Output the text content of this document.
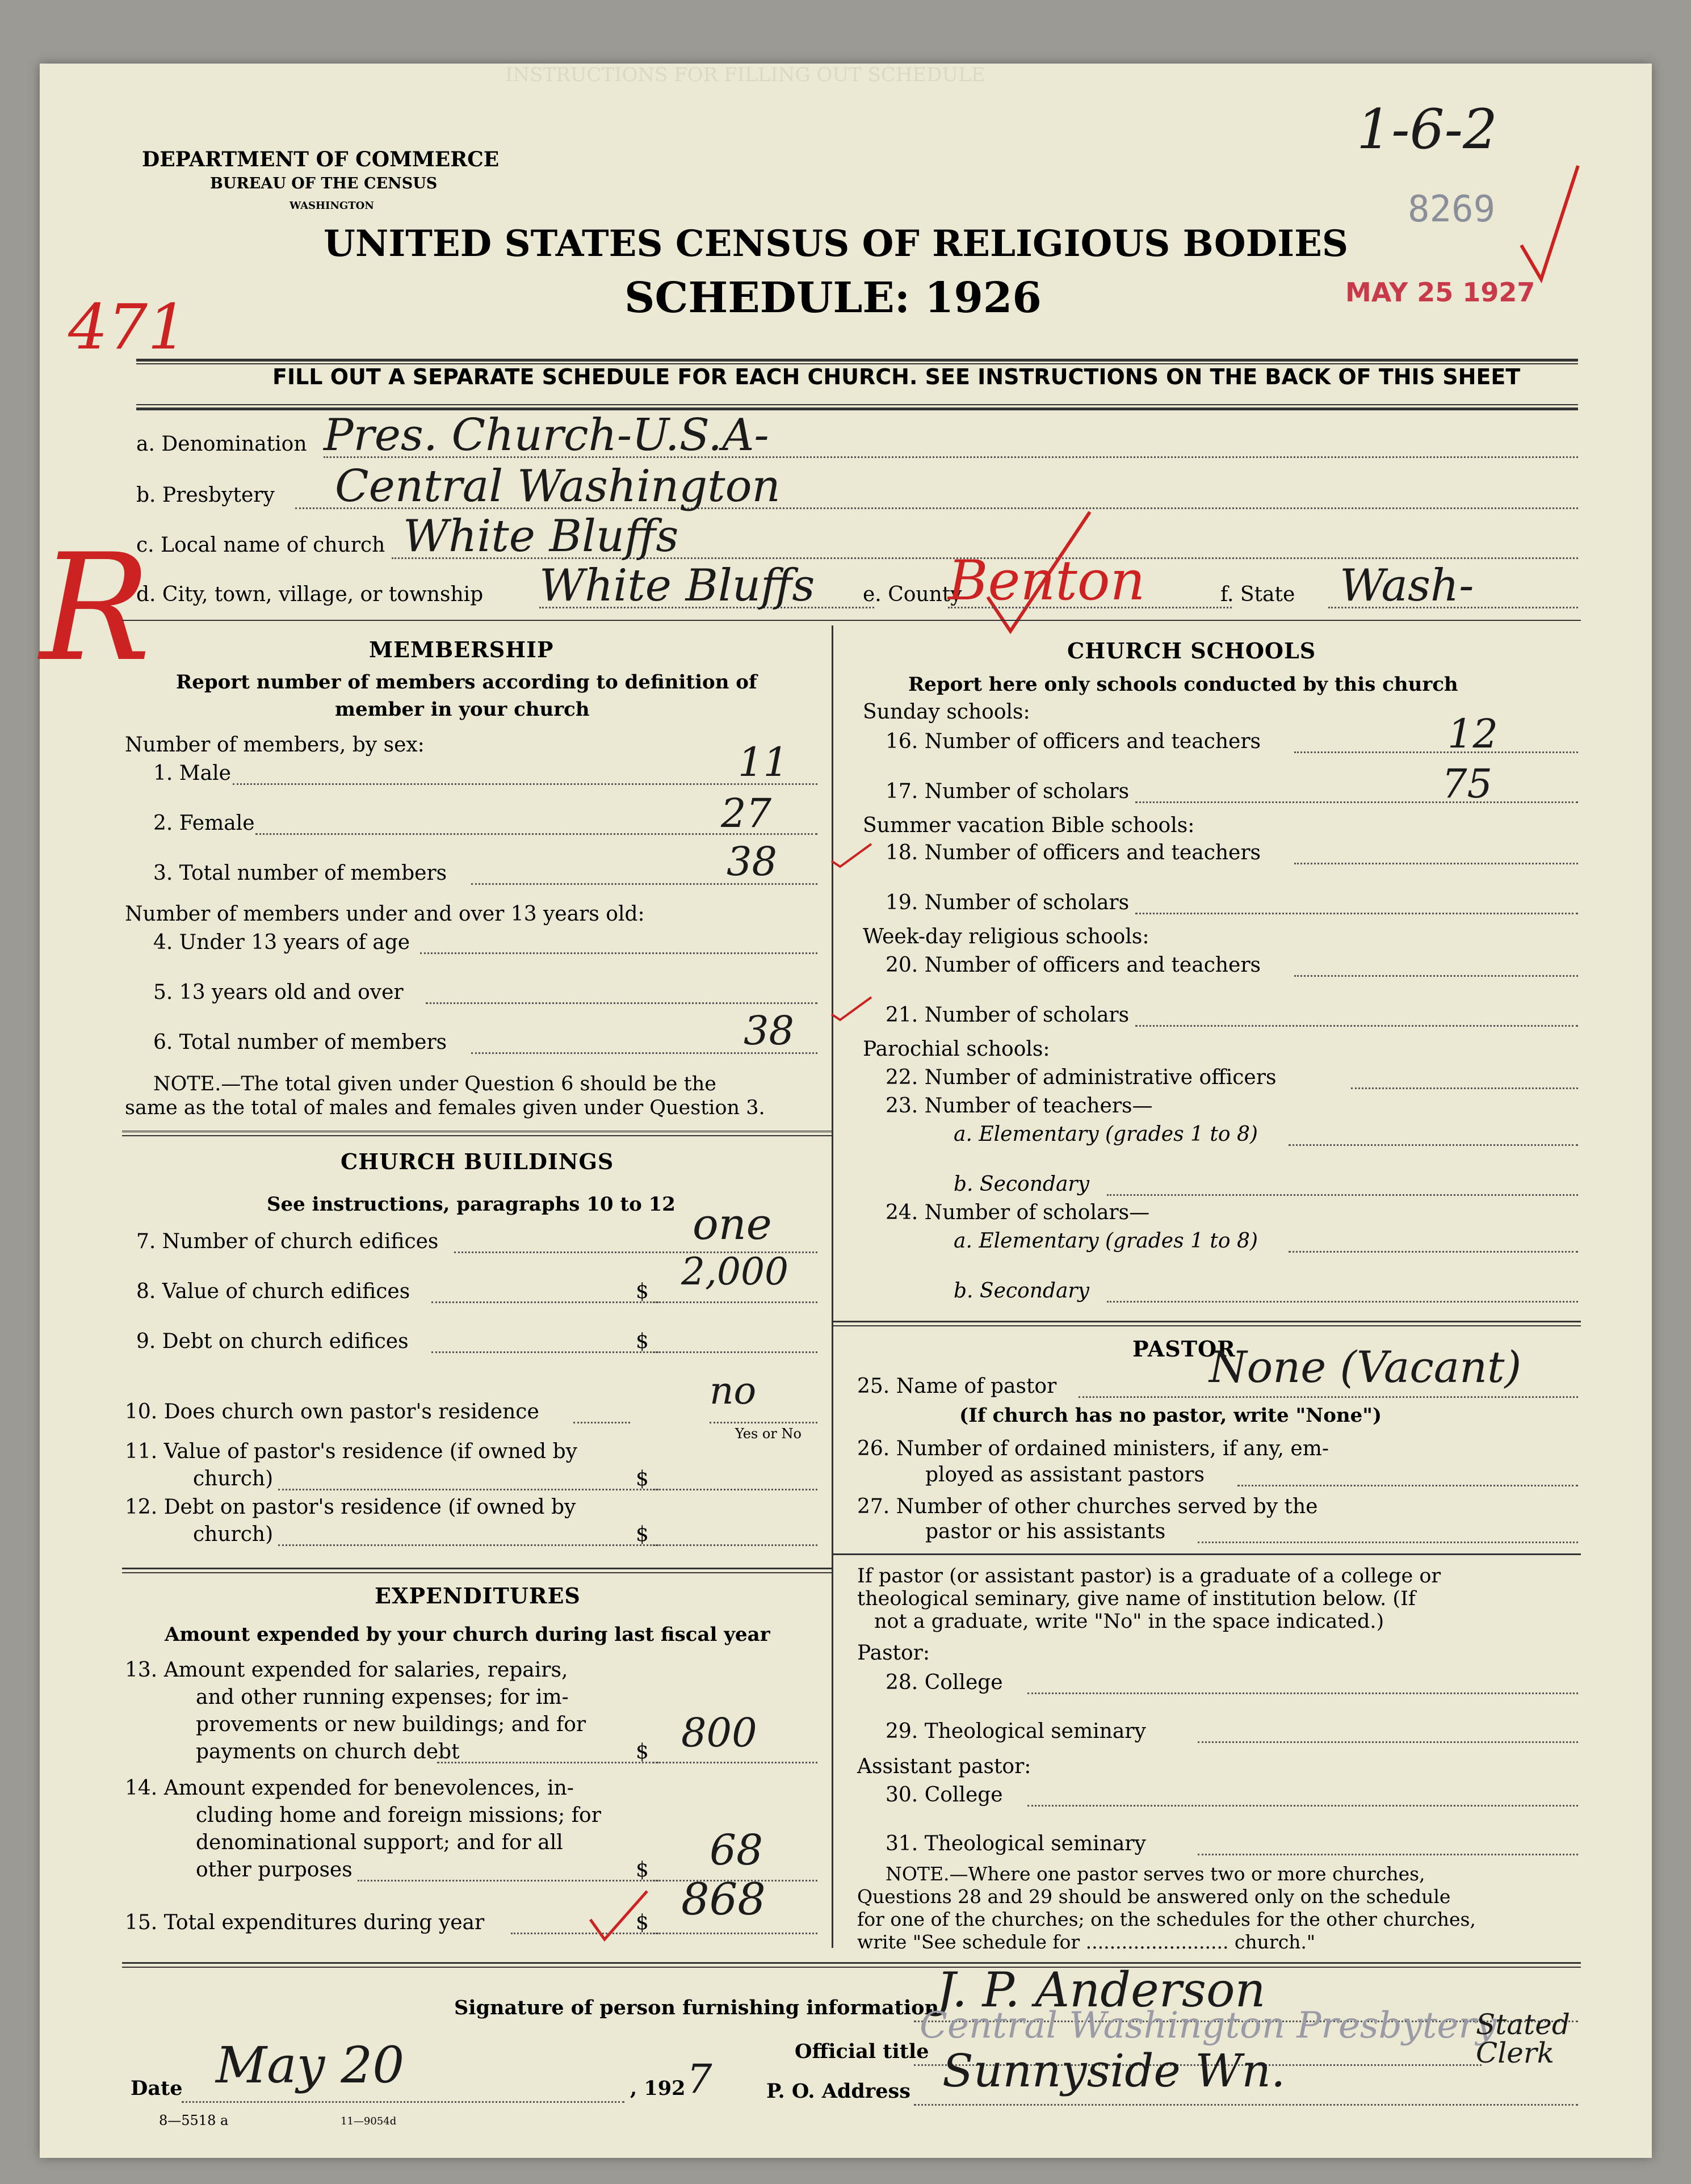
INSTRUCTIONS FOR FILLING OUT SCHEDULE
DEPARTMENT OF COMMERCE
BUREAU OF THE CENSUS
WASHINGTON
UNITED STATES CENSUS OF RELIGIOUS BODIES
SCHEDULE: 1926
1-6-2
8269
MAY 25 1927
471
R
FILL OUT A SEPARATE SCHEDULE FOR EACH CHURCH. SEE INSTRUCTIONS ON THE BACK OF THIS SHEET
a. Denomination Pres. Church-U.S.A-
b. Presbytery Central Washington
c. Local name of church White Bluffs
d. City, town, village, or township White Bluffs e. County
Benton	f. State Wash-
MEMBERSHIP
Report number of members according to definition of
member in your church
Number of members, by sex:
1. Male	11
2. Female	27
3. Total number of members	38
Number of members under and over 13 years old:
4. Under 13 years of age
5. 13 years old and over
6. Total number of members	38
NOTE.—The total given under Question 6 should be the
same as the total of males and females given under Question 3.
CHURCH BUILDINGS
See instructions, paragraphs 10 to 12
7. Number of church edifices	one
8. Value of church edifices	$ 2,000
9. Debt on church edifices	$
10. Does church own pastor's residence	no
Yes or No
11. Value of pastor's residence (if owned by
church)	$
12. Debt on pastor's residence (if owned by
church)	$
EXPENDITURES
Amount expended by your church during last fiscal year
13. Amount expended for salaries, repairs,
and other running expenses; for im-
provements or new buildings; and for
payments on church debt	$ 800
14. Amount expended for benevolences, in-
cluding home and foreign missions; for
denominational support; and for all
other purposes	$ 68
15. Total expenditures during year	$ 868
CHURCH SCHOOLS
Report here only schools conducted by this church
Sunday schools:
16. Number of officers and teachers	12
17. Number of scholars	75
Summer vacation Bible schools:
18. Number of officers and teachers
19. Number of scholars
Week-day religious schools:
20. Number of officers and teachers
21. Number of scholars
Parochial schools:
22. Number of administrative officers
23. Number of teachers—
a. Elementary (grades 1 to 8)
b. Secondary
24. Number of scholars—
a. Elementary (grades 1 to 8)
b. Secondary
PASTOR
25. Name of pastor	None (Vacant)
(If church has no pastor, write "None")
26. Number of ordained ministers, if any, em-
ployed as assistant pastors
27. Number of other churches served by the
pastor or his assistants
If pastor (or assistant pastor) is a graduate of a college or
theological seminary, give name of institution below. (If
not a graduate, write "No" in the space indicated.)
Pastor:
28. College
29. Theological seminary
Assistant pastor:
30. College
31. Theological seminary
NOTE.—Where one pastor serves two or more churches,
Questions 28 and 29 should be answered only on the schedule
for one of the churches; on the schedules for the other churches,
write "See schedule for ........................ church."
Signature of person furnishing information
J. P. Anderson
Official title
Central Washington Presbytery
Stated Clerk
Date May 20	, 192 7	P. O. Address Sunnyside Wn.
8—5518 a	11—9054d
